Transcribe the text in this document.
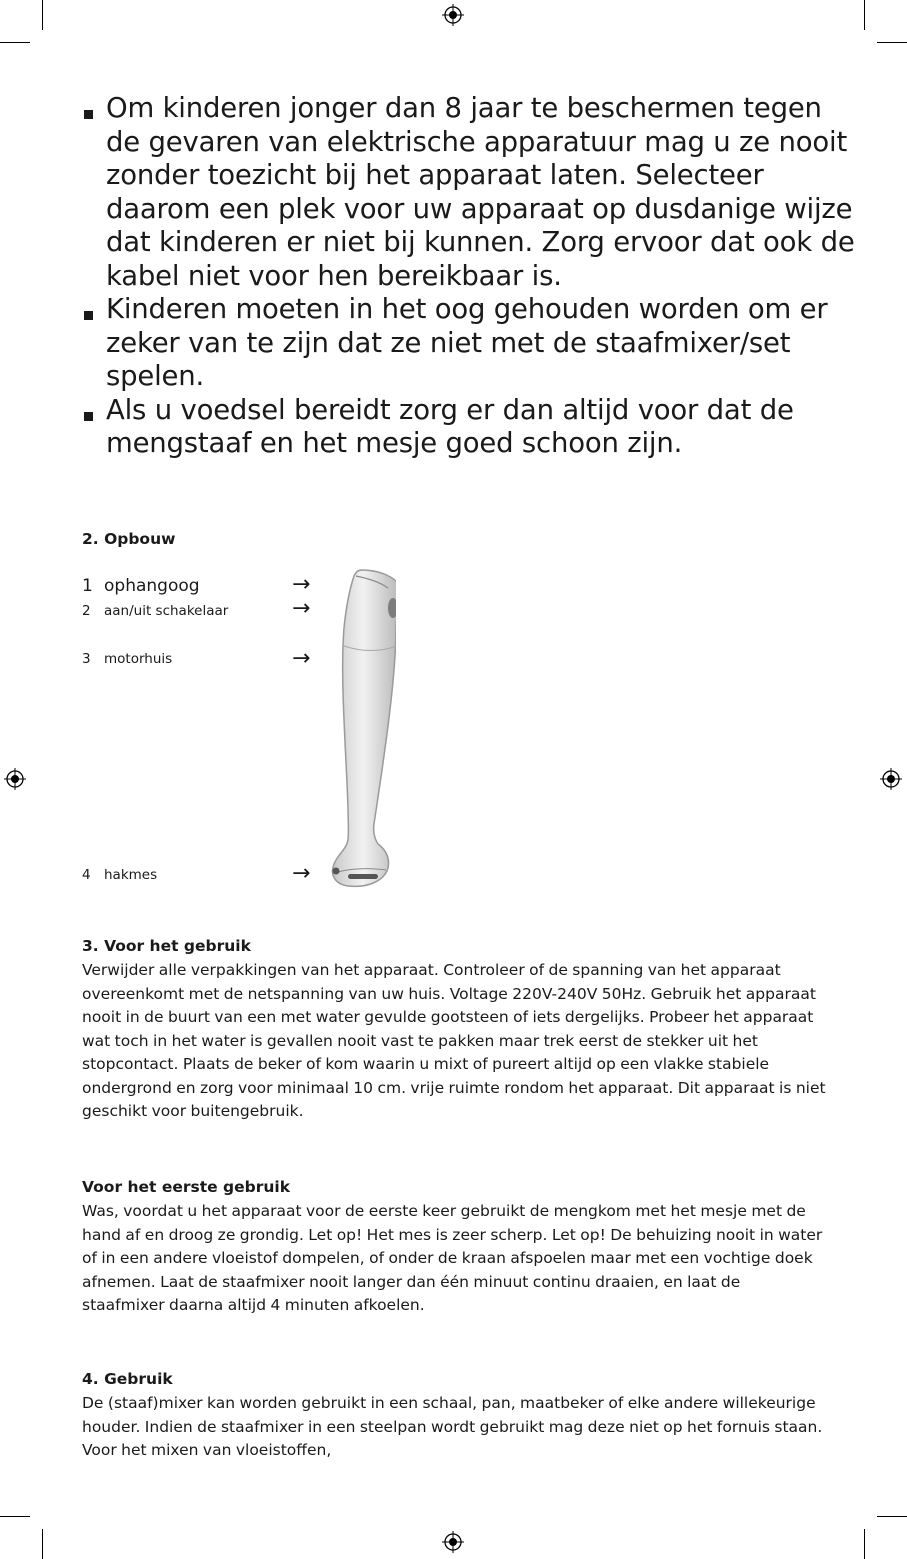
Om kinderen jonger dan 8 jaar te beschermen tegen de gevaren van elektrische apparatuur mag u ze nooit zonder toezicht bij het apparaat laten. Selecteer daarom een plek voor uw apparaat op dusdanige wijze dat kinderen er niet bij kunnen. Zorg ervoor dat ook de kabel niet voor hen bereikbaar is.
Kinderen moeten in het oog gehouden worden om er zeker van te zijn dat ze niet met de staafmixer/set spelen.
Als u voedsel bereidt zorg er dan altijd voor dat de mengstaaf en het mesje goed schoon zijn.
2. Opbouw
1 ophangoog
2 aan/uit schakelaar
3 motorhuis
4 hakmes
→
→
→
→
3. Voor het gebruik

Verwijder alle verpakkingen van het apparaat. Controleer of de spanning van het apparaat overeenkomt met de netspanning van uw huis. Voltage 220V-240V 50Hz. Gebruik het apparaat nooit in de buurt van een met water gevulde gootsteen of iets dergelijks. Probeer het apparaat wat toch in het water is gevallen nooit vast te pakken maar trek eerst de stekker uit het stopcontact. Plaats de beker of kom waarin u mixt of pureert altijd op een vlakke stabiele ondergrond en zorg voor minimaal 10 cm. vrije ruimte rondom het apparaat. Dit apparaat is niet geschikt voor buitengebruik.

Voor het eerste gebruik

Was, voordat u het apparaat voor de eerste keer gebruikt de mengkom met het mesje met de hand af en droog ze grondig. Let op! Het mes is zeer scherp. Let op! De behuizing nooit in water of in een andere vloeistof dompelen, of onder de kraan afspoelen maar met een vochtige doek afnemen. Laat de staafmixer nooit langer dan één minuut continu draaien, en laat de staafmixer daarna altijd 4 minuten afkoelen.

4. Gebruik

De (staaf)mixer kan worden gebruikt in een schaal, pan, maatbeker of elke andere willekeurige houder. Indien de staafmixer in een steelpan wordt gebruikt mag deze niet op het fornuis staan. Voor het mixen van vloeistoffen,
